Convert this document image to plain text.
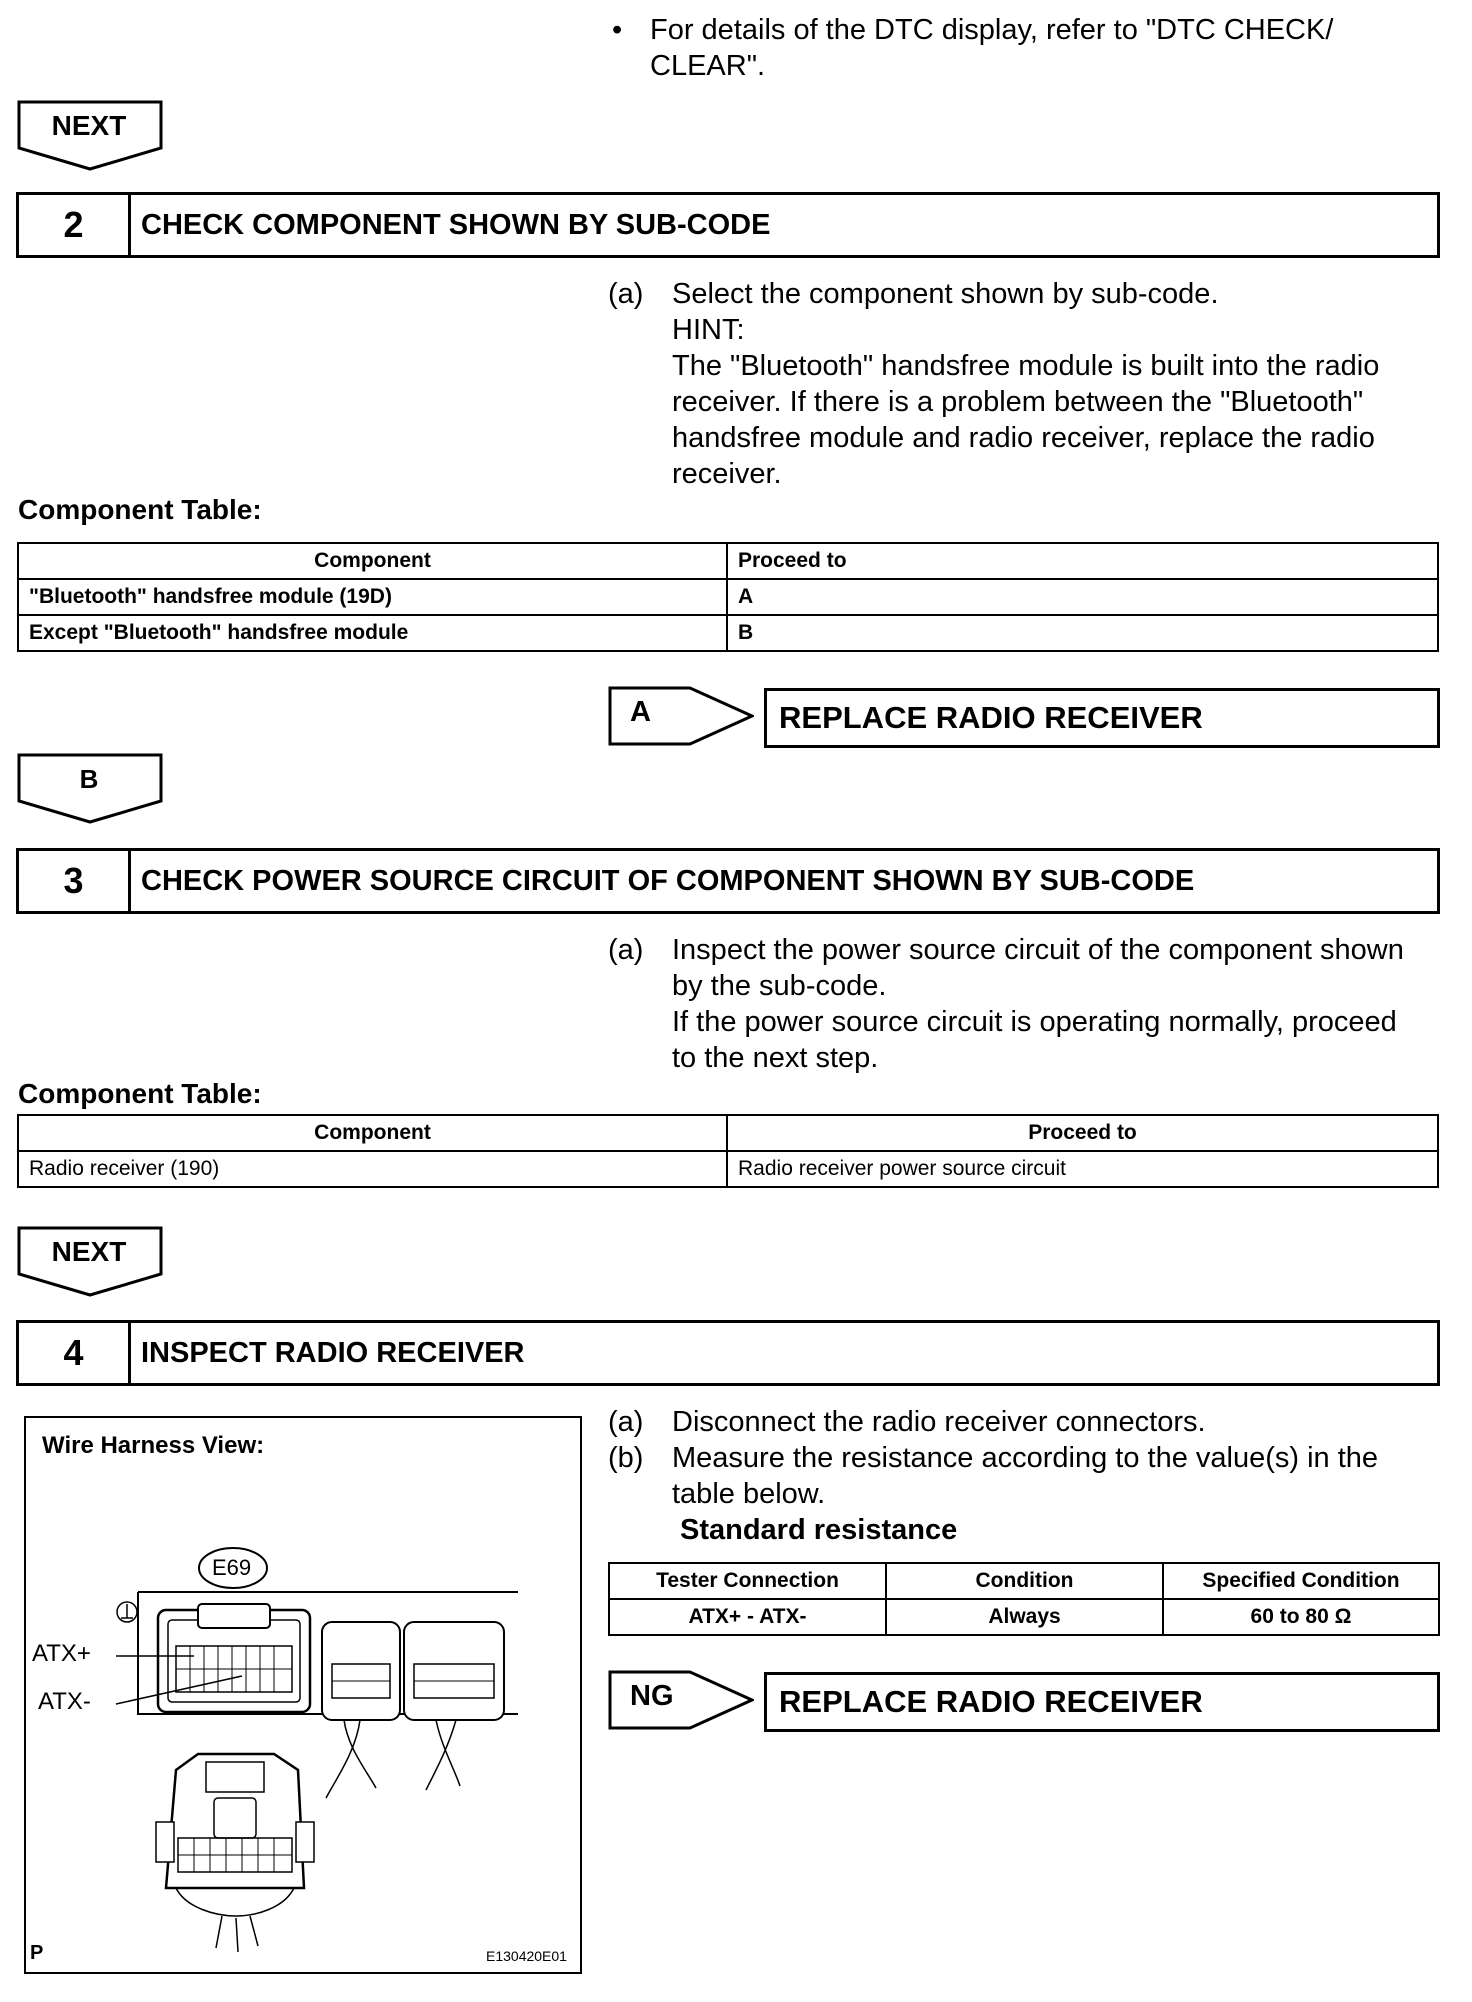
• For details of the DTC display, refer to "DTC CHECK/
CLEAR".
NEXT
2	CHECK COMPONENT SHOWN BY SUB-CODE
(a) Select the component shown by sub-code.
HINT:
The "Bluetooth" handsfree module is built into the radio
receiver. If there is a problem between the "Bluetooth"
handsfree module and radio receiver, replace the radio
receiver.
Component Table:
Component	Proceed to
"Bluetooth" handsfree module (19D)	A
Except "Bluetooth" handsfree module	B
A	REPLACE RADIO RECEIVER
B
3	CHECK POWER SOURCE CIRCUIT OF COMPONENT SHOWN BY SUB-CODE
(a) Inspect the power source circuit of the component shown
by the sub-code.
If the power source circuit is operating normally, proceed
to the next step.
Component Table:
Component	Proceed to
Radio receiver (190)	Radio receiver power source circuit
NEXT
4	INSPECT RADIO RECEIVER
Wire Harness View:
E69
ATX+
ATX-
P	E130420E01
(a) Disconnect the radio receiver connectors.
(b) Measure the resistance according to the value(s) in the
table below.
Standard resistance
Tester Connection	Condition	Specified Condition
ATX+ - ATX-	Always	60 to 80 Ω
NG	REPLACE RADIO RECEIVER
